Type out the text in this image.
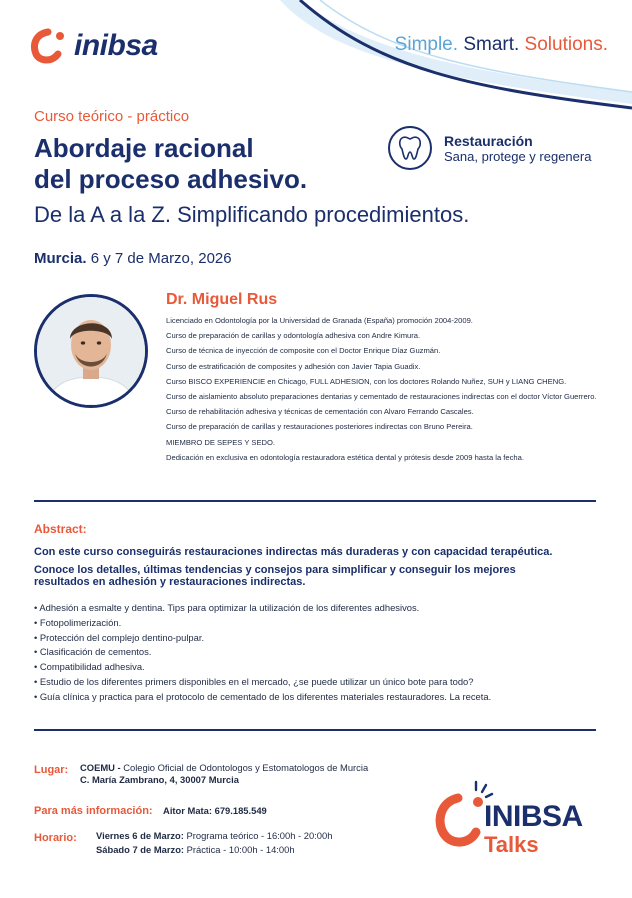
inibsa	Simple. Smart. Solutions.
Curso teórico - práctico
Abordaje racional
del proceso adhesivo.
De la A a la Z. Simplificando procedimientos.
Restauración
Sana, protege y regenera
Murcia. 6 y 7 de Marzo, 2026
Dr. Miguel Rus
Licenciado en Odontología por la Universidad de Granada (España) promoción 2004-2009.
Curso de preparación de carillas y odontología adhesiva con Andre Kimura.
Curso de técnica de inyección de composite con el Doctor Enrique Díaz Guzmán.
Curso de estratificación de composites y adhesión con Javier Tapia Guadix.
Curso BISCO EXPERIENCIE en Chicago, FULL ADHESION, con los doctores Rolando Nuñez, SUH y LIANG CHENG.
Curso de aislamiento absoluto preparaciones dentarias y cementado de restauraciones indirectas con el doctor Víctor Guerrero.
Curso de rehabilitación adhesiva y técnicas de cementación con Alvaro Ferrando Cascales.
Curso de preparación de carillas y restauraciones posteriores indirectas con Bruno Pereira.
MIEMBRO DE SEPES Y SEDO.
Dedicación en exclusiva en odontología restauradora estética dental y prótesis desde 2009 hasta la fecha.
Abstract:
Con este curso conseguirás restauraciones indirectas más duraderas y con capacidad terapéutica.
Conoce los detalles, últimas tendencias y consejos para simplificar y conseguir los mejores resultados en adhesión y restauraciones indirectas.
• Adhesión a esmalte y dentina. Tips para optimizar la utilización de los diferentes adhesivos.
• Fotopolimerización.
• Protección del complejo dentino-pulpar.
• Clasificación de cementos.
• Compatibilidad adhesiva.
• Estudio de los diferentes primers disponibles en el mercado, ¿se puede utilizar un único bote para todo?
• Guía clínica y practica para el protocolo de cementado de los diferentes materiales restauradores. La receta.
Lugar: COEMU - Colegio Oficial de Odontologos y Estomatologos de Murcia
C. María Zambrano, 4, 30007 Murcia
Para más información: Aitor Mata: 679.185.549
Horario: Viernes 6 de Marzo: Programa teórico - 16:00h - 20:00h
Sábado 7 de Marzo: Práctica - 10:00h - 14:00h
INIBSA
Talks
